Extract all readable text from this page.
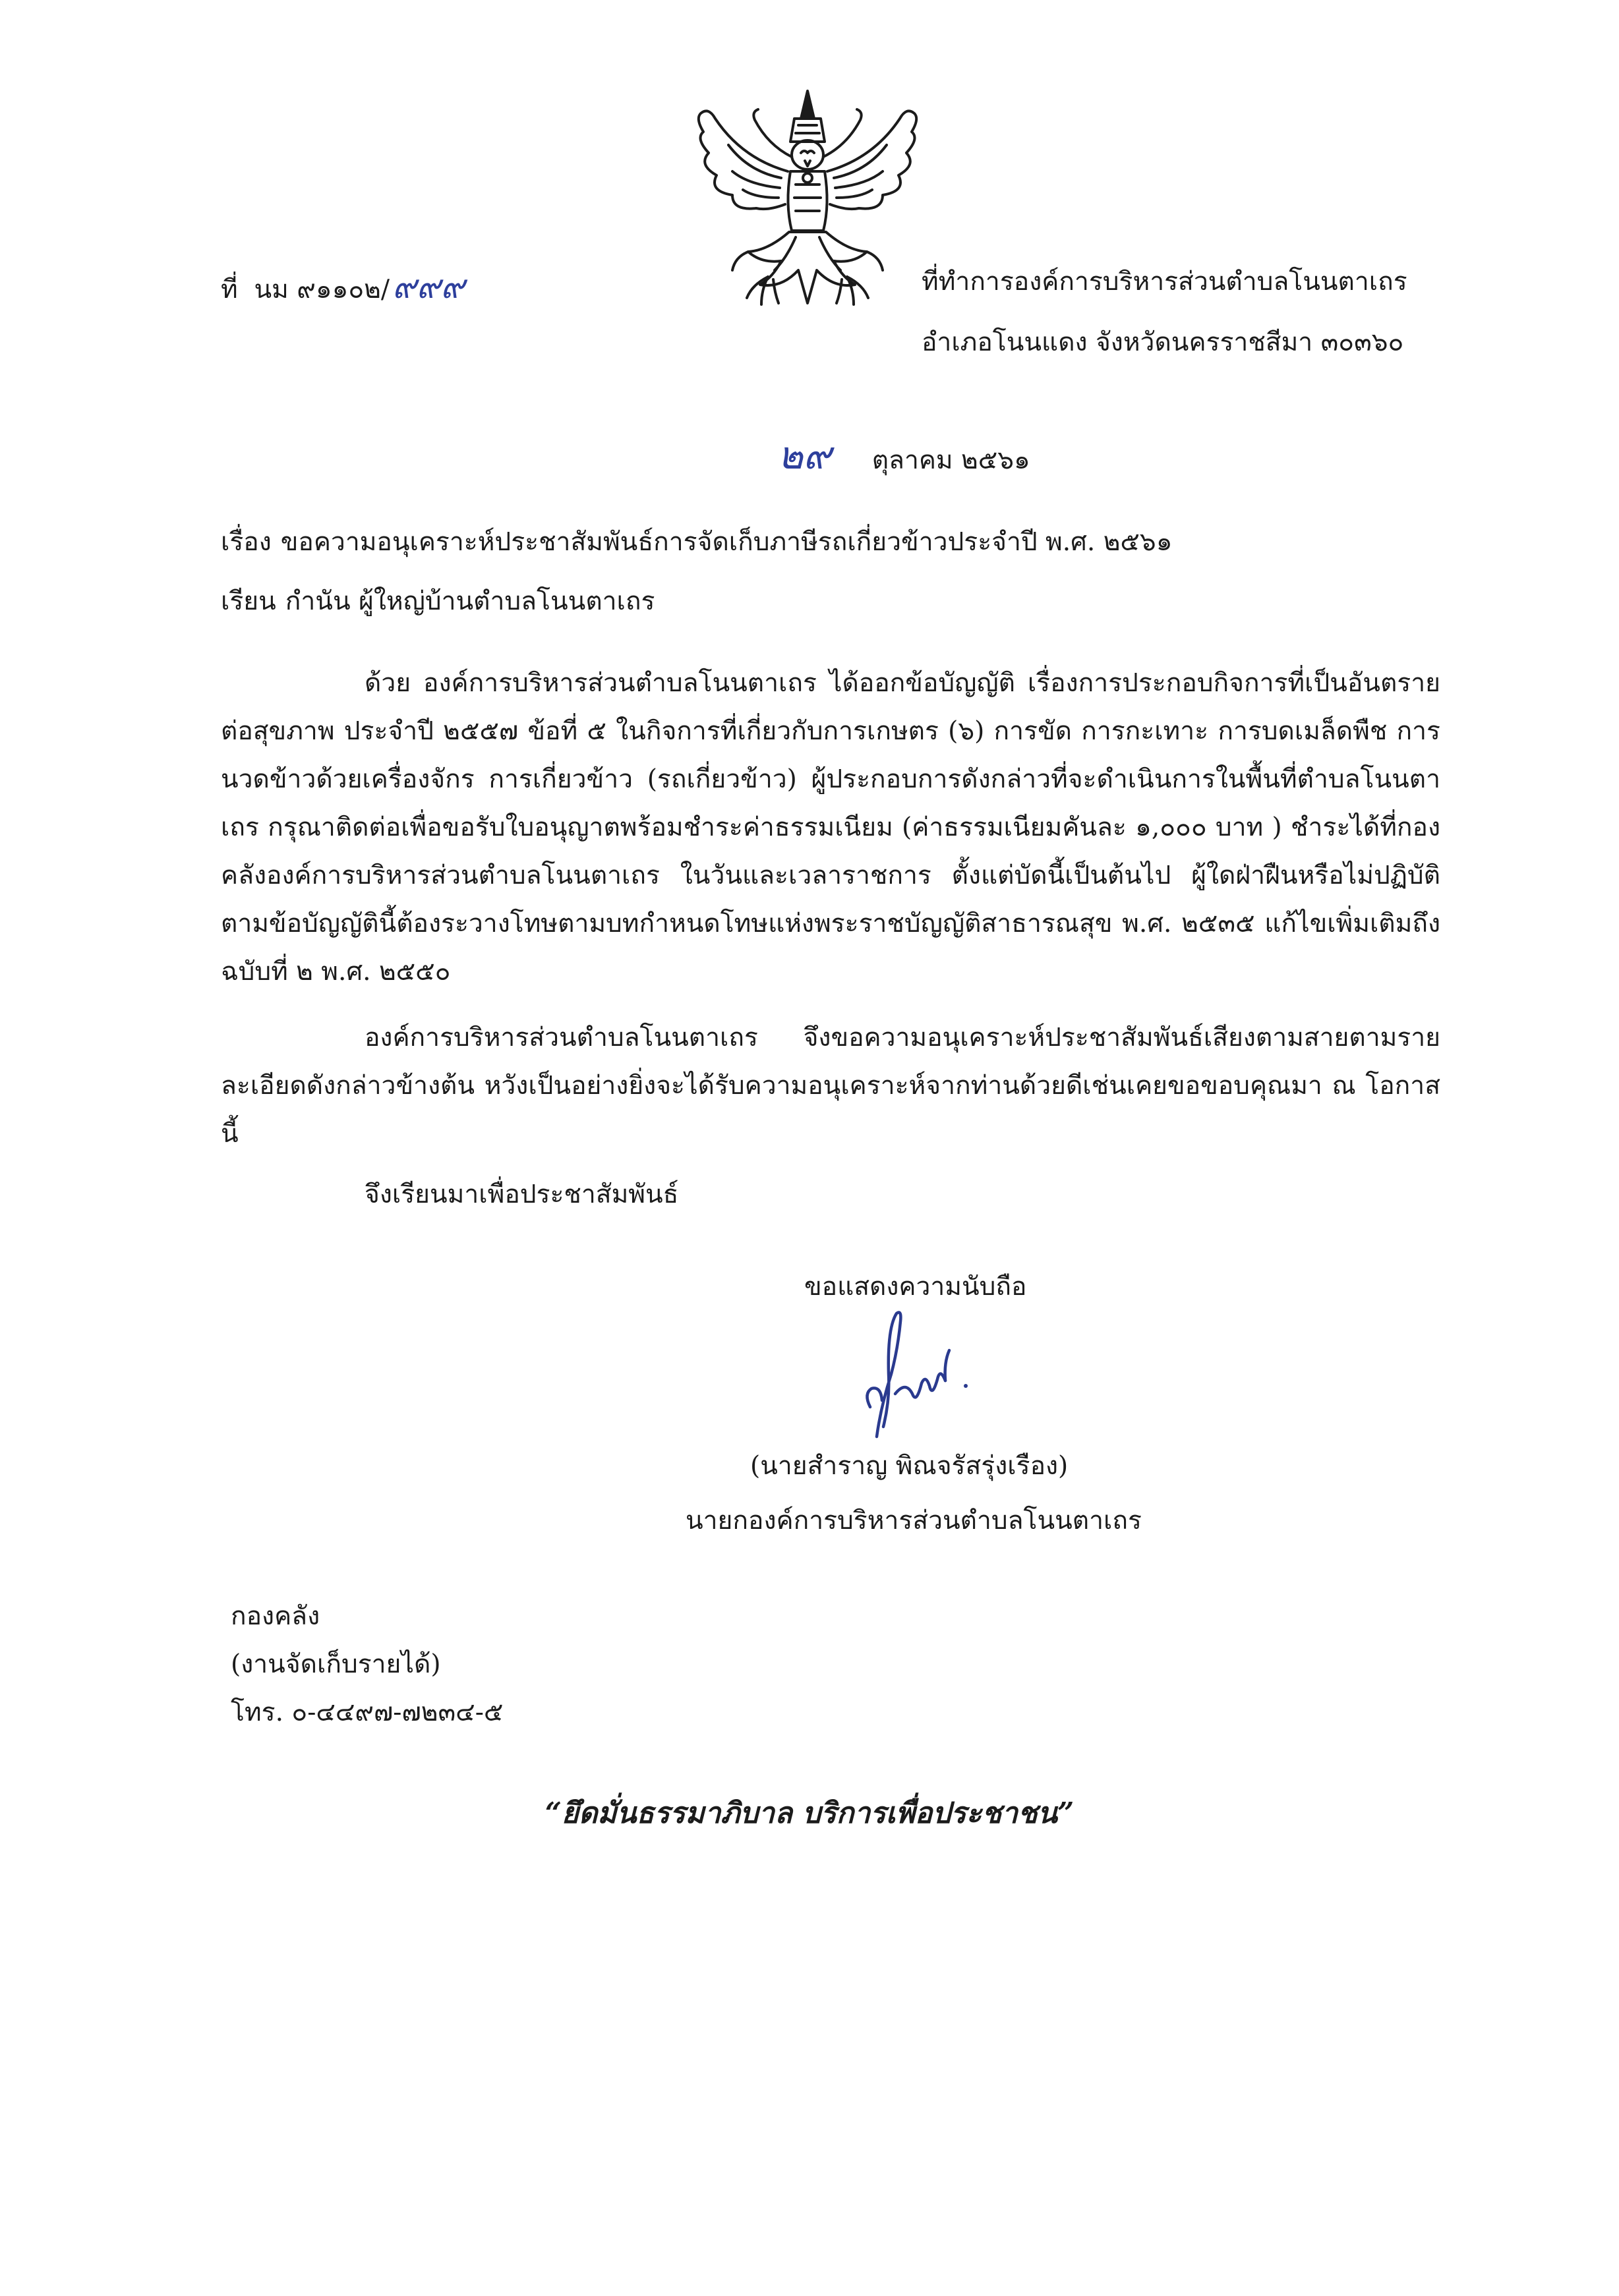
ที่ นม ๙๑๑๐๒/๙๙๙	ที่ทำการองค์การบริหารส่วนตำบลโนนตาเถร
อำเภอโนนแดง จังหวัดนครราชสีมา ๓๐๓๖๐
๒๙ ตุลาคม ๒๕๖๑
เรื่อง ขอความอนุเคราะห์ประชาสัมพันธ์การจัดเก็บภาษีรถเกี่ยวข้าวประจำปี พ.ศ. ๒๕๖๑
เรียน กำนัน ผู้ใหญ่บ้านตำบลโนนตาเถร

ด้วย องค์การบริหารส่วนตำบลโนนตาเถร ได้ออกข้อบัญญัติ เรื่องการประกอบกิจการที่เป็นอันตรายต่อสุขภาพ ประจำปี ๒๕๕๗ ข้อที่ ๕ ในกิจการที่เกี่ยวกับการเกษตร (๖) การขัด การกะเทาะ การบดเมล็ดพืช การนวดข้าวด้วยเครื่องจักร การเกี่ยวข้าว (รถเกี่ยวข้าว) ผู้ประกอบการดังกล่าวที่จะดำเนินการในพื้นที่ตำบลโนนตาเถร กรุณาติดต่อเพื่อขอรับใบอนุญาตพร้อมชำระค่าธรรมเนียม (ค่าธรรมเนียมคันละ ๑,๐๐๐ บาท ) ชำระได้ที่กองคลังองค์การบริหารส่วนตำบลโนนตาเถร ในวันและเวลาราชการ ตั้งแต่บัดนี้เป็นต้นไป ผู้ใดฝ่าฝืนหรือไม่ปฏิบัติตามข้อบัญญัตินี้ต้องระวางโทษตามบทกำหนดโทษแห่งพระราชบัญญัติสาธารณสุข พ.ศ. ๒๕๓๕ แก้ไขเพิ่มเติมถึง ฉบับที่ ๒ พ.ศ. ๒๕๕๐

องค์การบริหารส่วนตำบลโนนตาเถร จึงขอความอนุเคราะห์ประชาสัมพันธ์เสียงตามสายตามรายละเอียดดังกล่าวข้างต้น หวังเป็นอย่างยิ่งจะได้รับความอนุเคราะห์จากท่านด้วยดีเช่นเคยขอขอบคุณมา ณ โอกาสนี้

จึงเรียนมาเพื่อประชาสัมพันธ์
ขอแสดงความนับถือ
(นายสำราญ พิณจรัสรุ่งเรือง)
นายกองค์การบริหารส่วนตำบลโนนตาเถร
กองคลัง
(งานจัดเก็บรายได้)
โทร. ๐-๔๔๙๗-๗๒๓๔-๕
“ยึดมั่นธรรมาภิบาล บริการเพื่อประชาชน”
